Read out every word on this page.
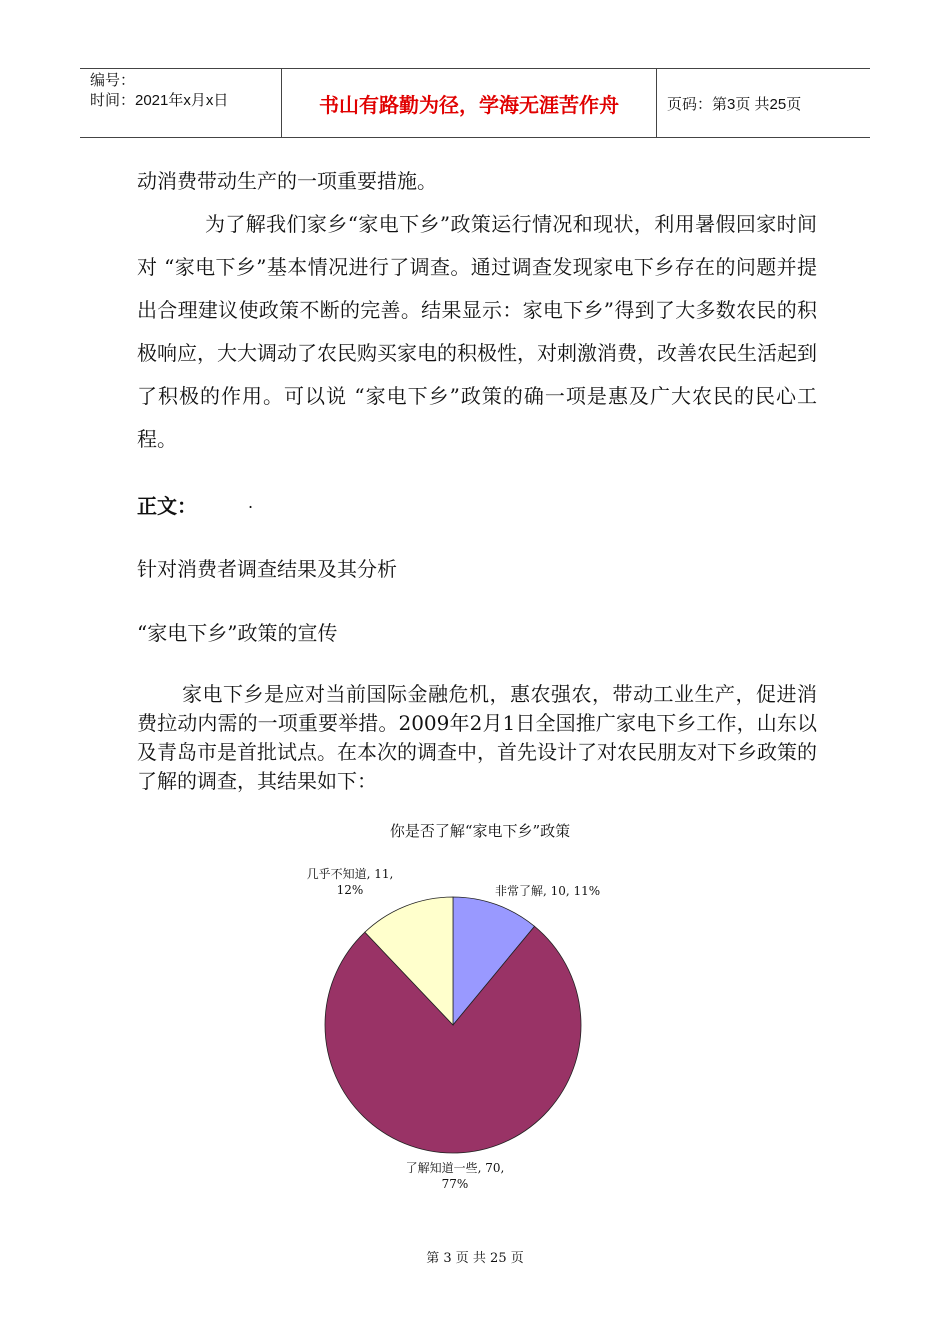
编号：
时间：2021年x月x日	书山有路勤为径，学海无涯苦作舟	页码：第3页 共25页

动消费带动生产的一项重要措施。

为了解我们家乡“家电下乡”政策运行情况和现状，利用暑假回家时间对 “家电下乡”基本情况进行了调查。通过调查发现家电下乡存在的问题并提出合理建议使政策不断的完善。结果显示：家电下乡”得到了大多数农民的积极响应，大大调动了农民购买家电的积极性，对刺激消费，改善农民生活起到了积极的作用。可以说 “家电下乡”政策的确一项是惠及广大农民的民心工程。

正文：	.
针对消费者调查结果及其分析
“家电下乡”政策的宣传

家电下乡是应对当前国际金融危机，惠农强农，带动工业生产，促进消费拉动内需的一项重要举措。2009年2月1日全国推广家电下乡工作，山东以及青岛市是首批试点。在本次的调查中，首先设计了对农民朋友对下乡政策的了解的调查，其结果如下：

你是否了解“家电下乡”政策
非常了解, 10, 11%
几乎不知道, 11,
12%
了解知道一些, 70,
77%
第 3 页 共 25 页
